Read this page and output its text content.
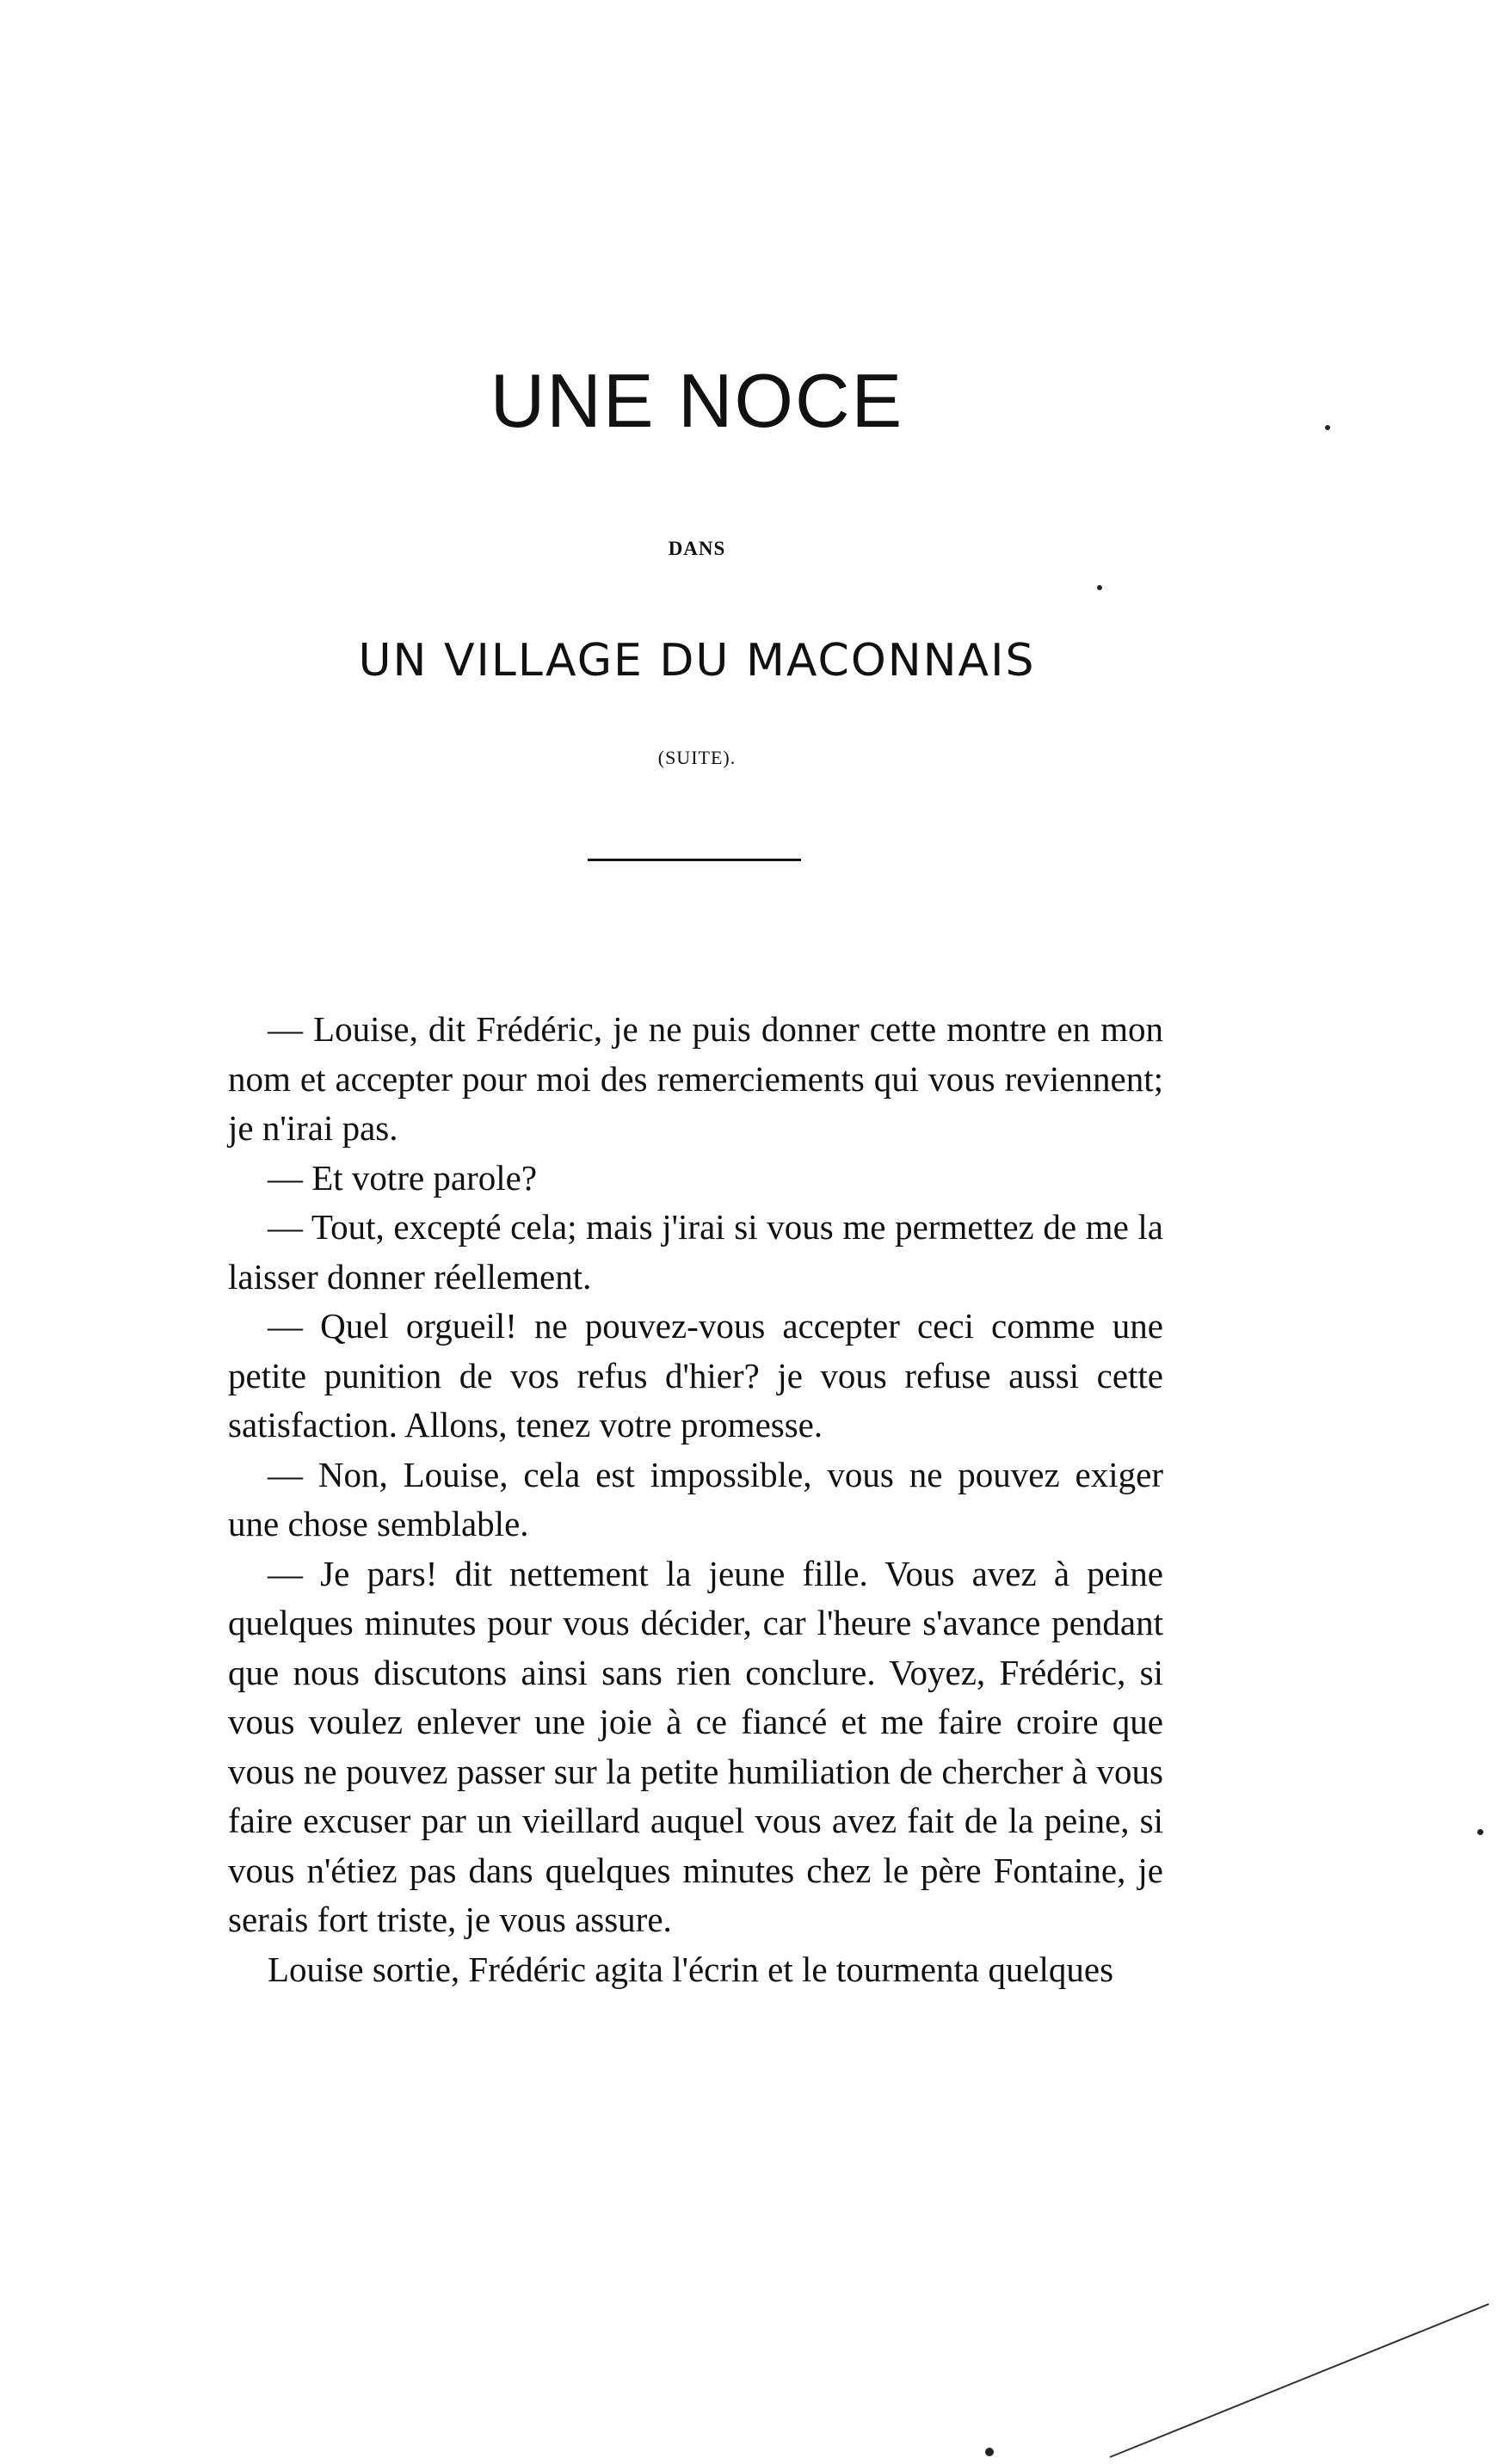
UNE NOCE
DANS
UN VILLAGE DU MACONNAIS
(SUITE).

— Louise, dit Frédéric, je ne puis donner cette montre en mon nom et accepter pour moi des remerciements qui vous reviennent; je n'irai pas.

— Et votre parole?

— Tout, excepté cela; mais j'irai si vous me permettez de me la laisser donner réellement.

— Quel orgueil! ne pouvez-vous accepter ceci comme une petite punition de vos refus d'hier? je vous refuse aussi cette satisfaction. Allons, tenez votre promesse.

— Non, Louise, cela est impossible, vous ne pouvez exiger une chose semblable.

— Je pars! dit nettement la jeune fille. Vous avez à peine quelques minutes pour vous décider, car l'heure s'avance pendant que nous discutons ainsi sans rien conclure. Voyez, Frédéric, si vous voulez enlever une joie à ce fiancé et me faire croire que vous ne pouvez passer sur la petite humiliation de chercher à vous faire excuser par un vieillard auquel vous avez fait de la peine, si vous n'étiez pas dans quelques minutes chez le père Fontaine, je serais fort triste, je vous assure.

Louise sortie, Frédéric agita l'écrin et le tourmenta quelques
